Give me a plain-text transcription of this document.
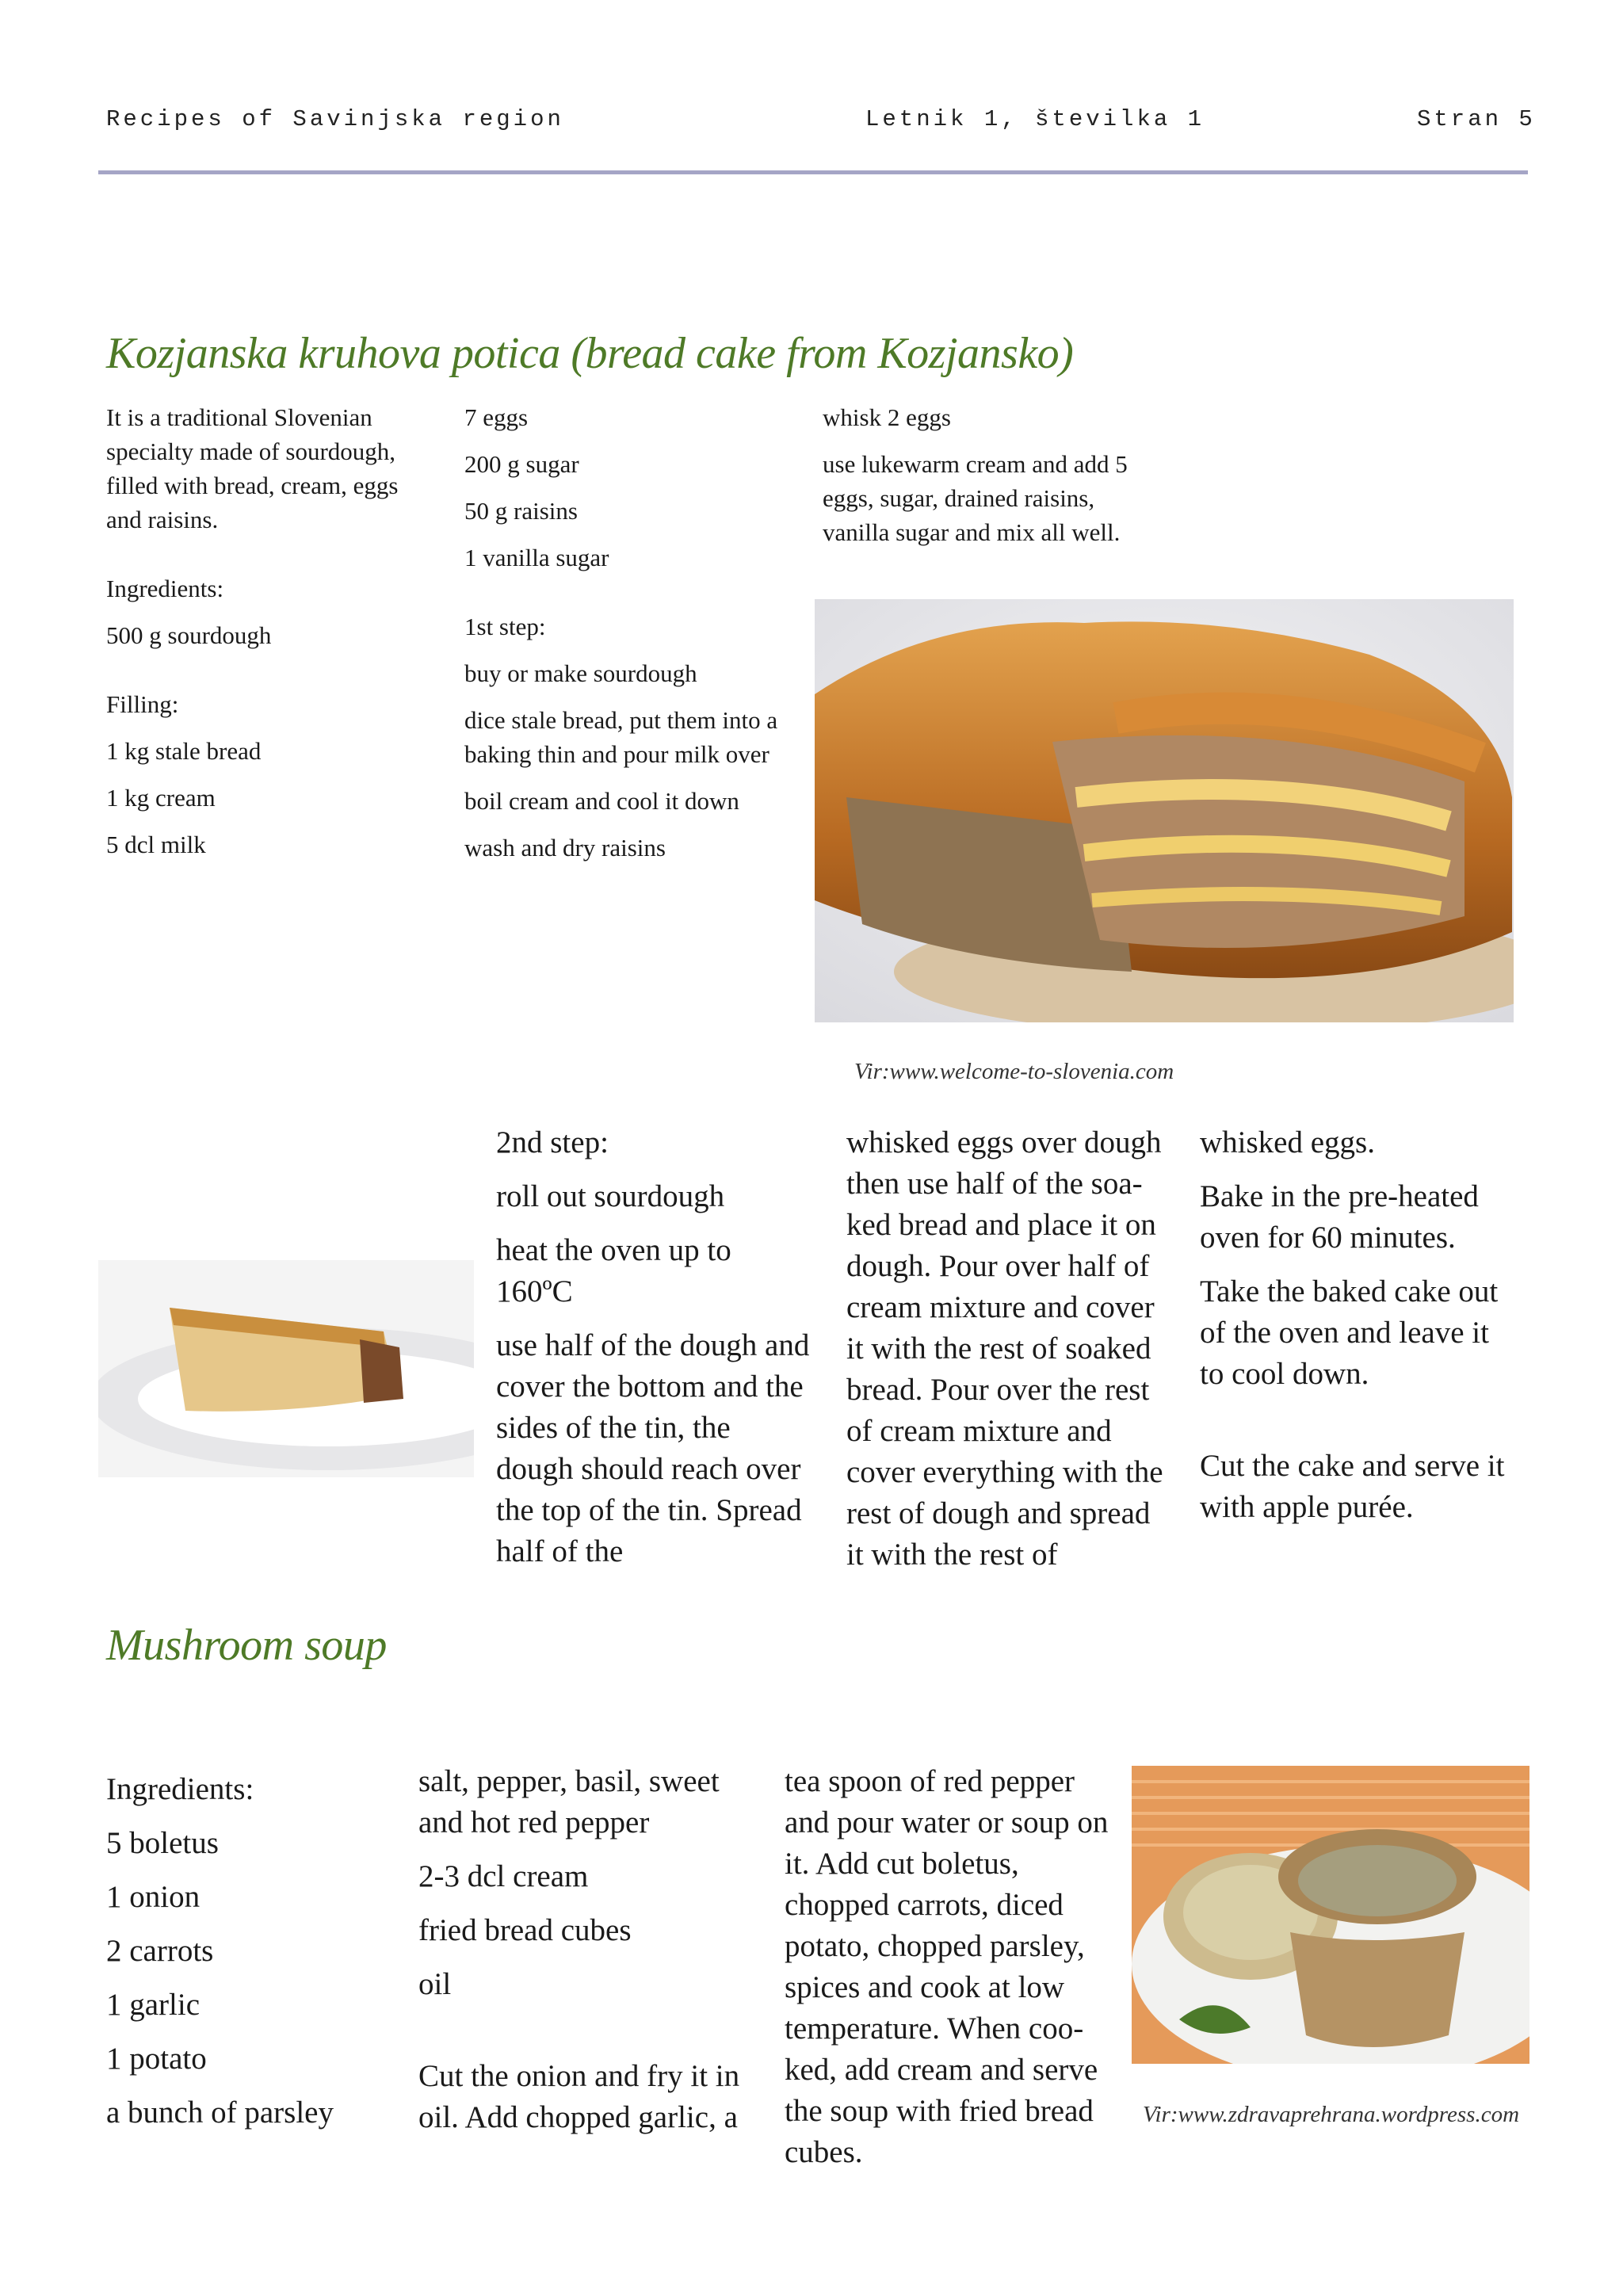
Recipes of Savinjska region	Letnik 1, številka 1	Stran 5
Kozjanska kruhova potica (bread cake from Kozjansko)

It is a traditional Slovenian specialty made of sourdough, filled with bread, cream, eggs and raisins.

Ingredients:

500 g sourdough

Filling:

1 kg stale bread

1 kg cream

5 dcl milk

7 eggs

200 g sugar

50 g raisins

1 vanilla sugar

1st step:

buy or make sourdough

dice stale bread, put them into a baking thin and pour milk over

boil cream and cool it down

wash and dry raisins

whisk 2 eggs

use lukewarm cream and add 5 eggs, sugar, drained raisins, vanilla sugar and mix all well.

Vir:www.welcome-to-slovenia.com

2nd step:

roll out sourdough

heat the oven up to 160ºC

use half of the dough and cover the bottom and the sides of the tin, the dough should reach over the top of the tin. Spread half of the

whisked eggs over dough then use half of the soa-ked bread and place it on dough. Pour over half of cream mixture and cover it with the rest of soaked bread. Pour over the rest of cream mixture and cover everything with the rest of dough and spread it with the rest of

whisked eggs.

Bake in the pre-heated oven for 60 minutes.

Take the baked cake out of the oven and leave it to cool down.

Cut the cake and serve it with apple purée.

Mushroom soup

Ingredients:

5 boletus

1 onion

2 carrots

1 garlic

1 potato

a bunch of parsley

salt, pepper, basil, sweet and hot red pepper

2-3 dcl cream

fried bread cubes

oil

Cut the onion and fry it in oil. Add chopped garlic, a

tea spoon of red pepper and pour water or soup on it. Add cut boletus, chopped carrots, diced potato, chopped parsley, spices and cook at low temperature. When coo-ked, add cream and serve the soup with fried bread cubes.

Vir:www.zdravaprehrana.wordpress.com
